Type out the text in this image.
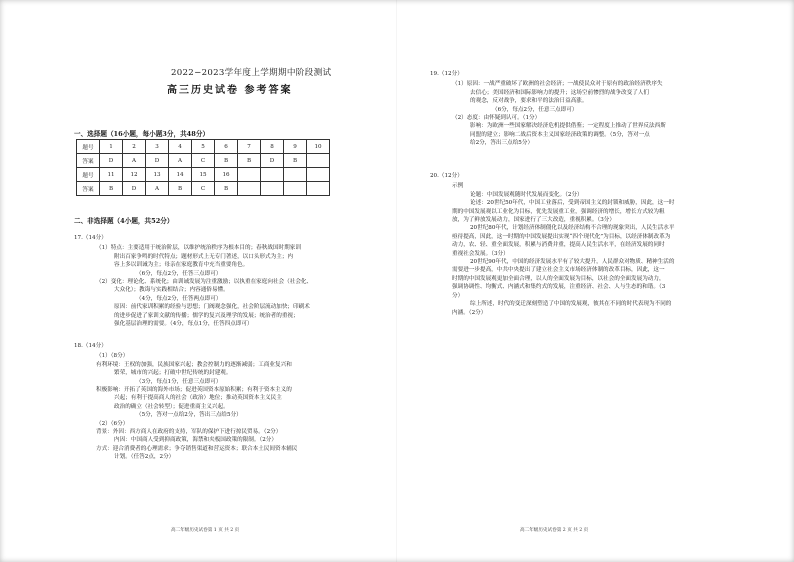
2022−2023学年度上学期期中阶段测试
高三历史试卷 参考答案
一、选择题（16小题，每小题3分，共48分）
题号	1	2	3	4	5	6	7	8	9	10
答案	D	A	D	A	C	B	B	D	B	
题号	11	12	13	14	15	16				
答案	B	D	A	B	C	B				
二、非选择题（4小题，共52分）
17.（14分）
（1）特点：主要适用于统治阶层，以维护统治秩序为根本目的；春秋战国时期家训
附出百家争鸣的时代特点；题材形式上无专门著述，以口头形式为主；内
容上多以训诫为主；母亲在家庭教育中充当重要角色。
（6分，每点2分，任答三点即可）
（2）变化：理论化、系统化；由训诫发展为注重激励；以执重在家庭向社会（社会化、
大众化）；教诲与实践相结合；内容通俗易懂。
（4分，每点2分，任答两点即可）
原因：前代家训积累的经验与思想；门阀观念强化，社会阶层流动加快；印刷术
的进步促进了家训文献的传播；儒学的复兴及理学的发展；统治者的重视；
强化基层治理的需要。（4分，每点1分，任答四点即可）
18.（14分）
（1）（8分）
有利环境：王权的加强，民族国家兴起；教会控制力的逐渐减弱；工商业复兴和
繁荣，城市的兴起；打破中世纪传统的封建观。
（3分，每点1分，任意三点即可）
积极影响：开拓了英国的海外市场；促进英国资本原始积累；有利于资本主义的
兴起；有利于提高商人的社会（政治）地位；推动英国资本主义民主
政治的确立（社会转型）；促进重商主义兴起。
（5分，答对一点给2分，答出三点给5分）
（2）（6分）
背景：外因：西方商人在政府的支持，军队的保护下进行掠民贸易。（2分）
内因：中国商人受到抑商政策，海禁和夹板国政策的限制。（2分）
方式：迎合消费者的心理需求；争夺销售渠道和营运资本；联合本土民间资本辅民
计划。（任答2点，2分）
高二年级历史试卷第 1 页 共 2 页
19.（12分）
（1）原因：一战严重破坏了欧洲的社会经济；一战使民众对于原有的政治经济秩序失
去信心；美国经济和国际影响力的提升；这场空前惨烈的战争改变了人们
的观念，反对战争，要求和平的法治日益高涨。
（6分，每点2分，任意三点即可）
（2）态度：由怀疑到认可。（1分）
影响：为欧洲一些国家解决经济危机提供借鉴；一定程度上推动了世界反法西斯
同盟的建立；影响二战后资本主义国家经济政策的调整。（5分，答对一点
给2分，答出三点给5分）
20.（12分）
示例
论题：中国发展观随时代发展而变化。（2分）
论述：20世纪50年代，中国工业落后，受到帝国主义的封锁和威胁，因此，这一时
期的中国发展观以工业化为目标，优先发展重工业，强调经济的增长，增长方式较为粗
放，为了鲜放发展动力，国家进行了三大改造，重视积累。（3分）
20世纪80年代，计划经济体制僵化以及经济结构不合理的现象突出，人民生活水平
亟待提高，因此，这一时期的中国发展提出实现“四个现代化”为目标，以经济体制改革为
动力，农、轻、重全面发展，积累与消费并重，提高人民生活水平，在经济发展的同时
重视社会发展。（3分）
20世纪90年代，中国的经济发展水平有了较大提升，人民群众对物质、精神生活的
需要进一步提高，中共中央提出了建立社会主义市场经济体制的改革目标，因此，这一
时期的中国发展观更加全面合理，以人的全面发展为目标，以社会的全面发展为动力，
强调协调性、均衡式、内涵式和集约式的发展，注重经济、社会、人与生态的和谐。（3
分）
综上所述，时代的变迁深刻塑造了中国的发展观，彼其在不同的时代表现为不同的
内涵。（2分）
高二年级历史试卷第 2 页 共 2 页
